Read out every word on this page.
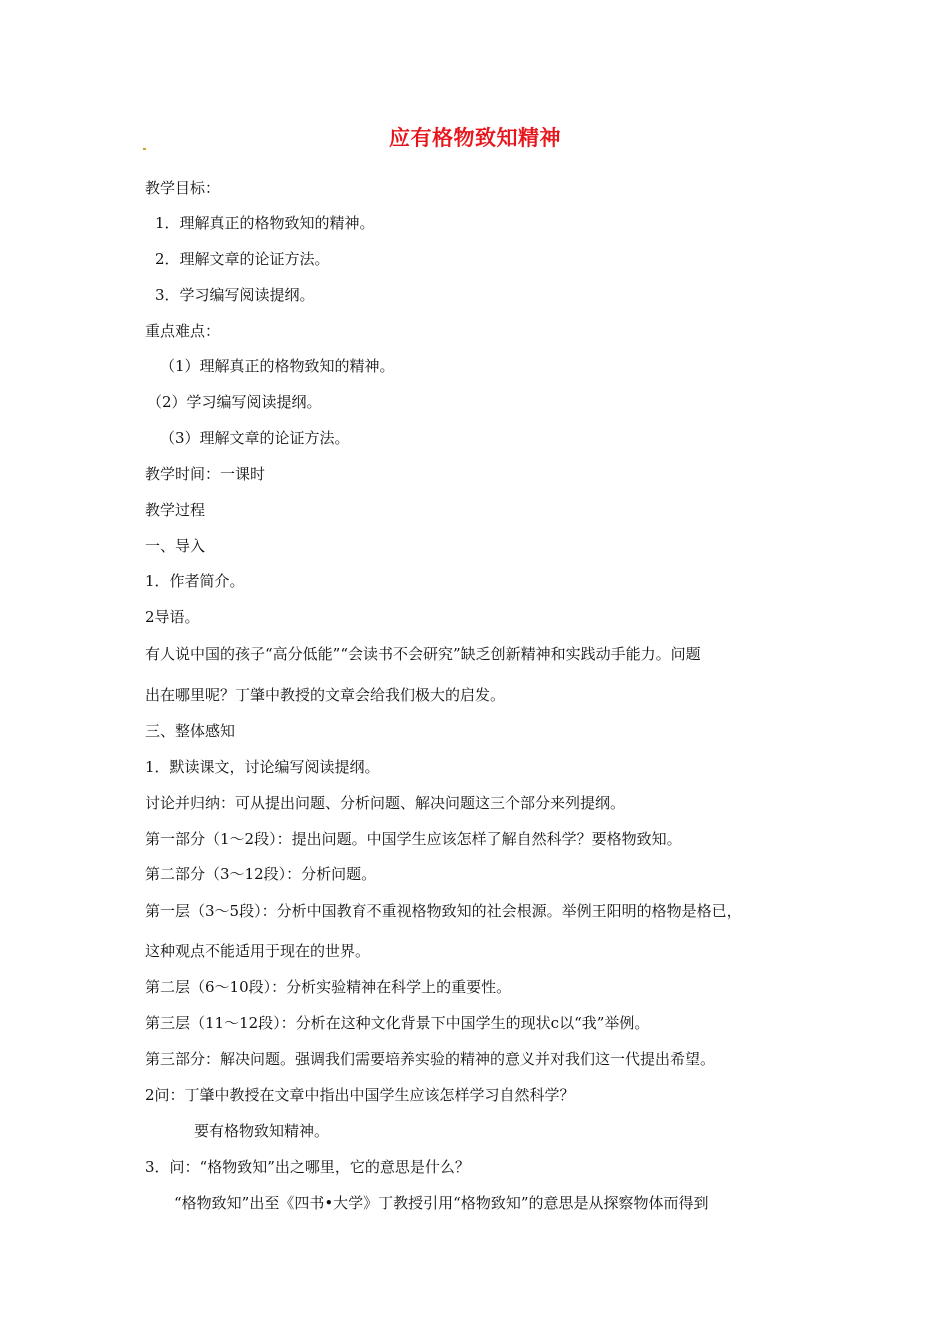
应有格物致知精神
教学目标：
1．理解真正的格物致知的精神。
2．理解文章的论证方法。
3．学习编写阅读提纲。
重点难点：
（1）理解真正的格物致知的精神。
（2）学习编写阅读提纲。
（3）理解文章的论证方法。
教学时间：一课时
教学过程
一、导入
1．作者简介。
2导语。
有人说中国的孩子“高分低能”“会读书不会研究”缺乏创新精神和实践动手能力。问题
出在哪里呢？丁肇中教授的文章会给我们极大的启发。
三、整体感知
1．默读课文，讨论编写阅读提纲。
讨论并归纳：可从提出问题、分析问题、解决问题这三个部分来列提纲。
第一部分（1～2段）：提出问题。中国学生应该怎样了解自然科学？要格物致知。
第二部分（3～12段）：分析问题。
第一层（3～5段）：分析中国教育不重视格物致知的社会根源。举例王阳明的格物是格已，
这种观点不能适用于现在的世界。
第二层（6～10段）：分析实验精神在科学上的重要性。
第三层（11～12段）：分析在这种文化背景下中国学生的现状c以“我”举例。
第三部分：解决问题。强调我们需要培养实验的精神的意义并对我们这一代提出希望。
2问：丁肇中教授在文章中指出中国学生应该怎样学习自然科学？
要有格物致知精神。
3．问：“格物致知”出之哪里，它的意思是什么？
“格物致知”出至《四书•大学》丁教授引用“格物致知”的意思是从探察物体而得到
